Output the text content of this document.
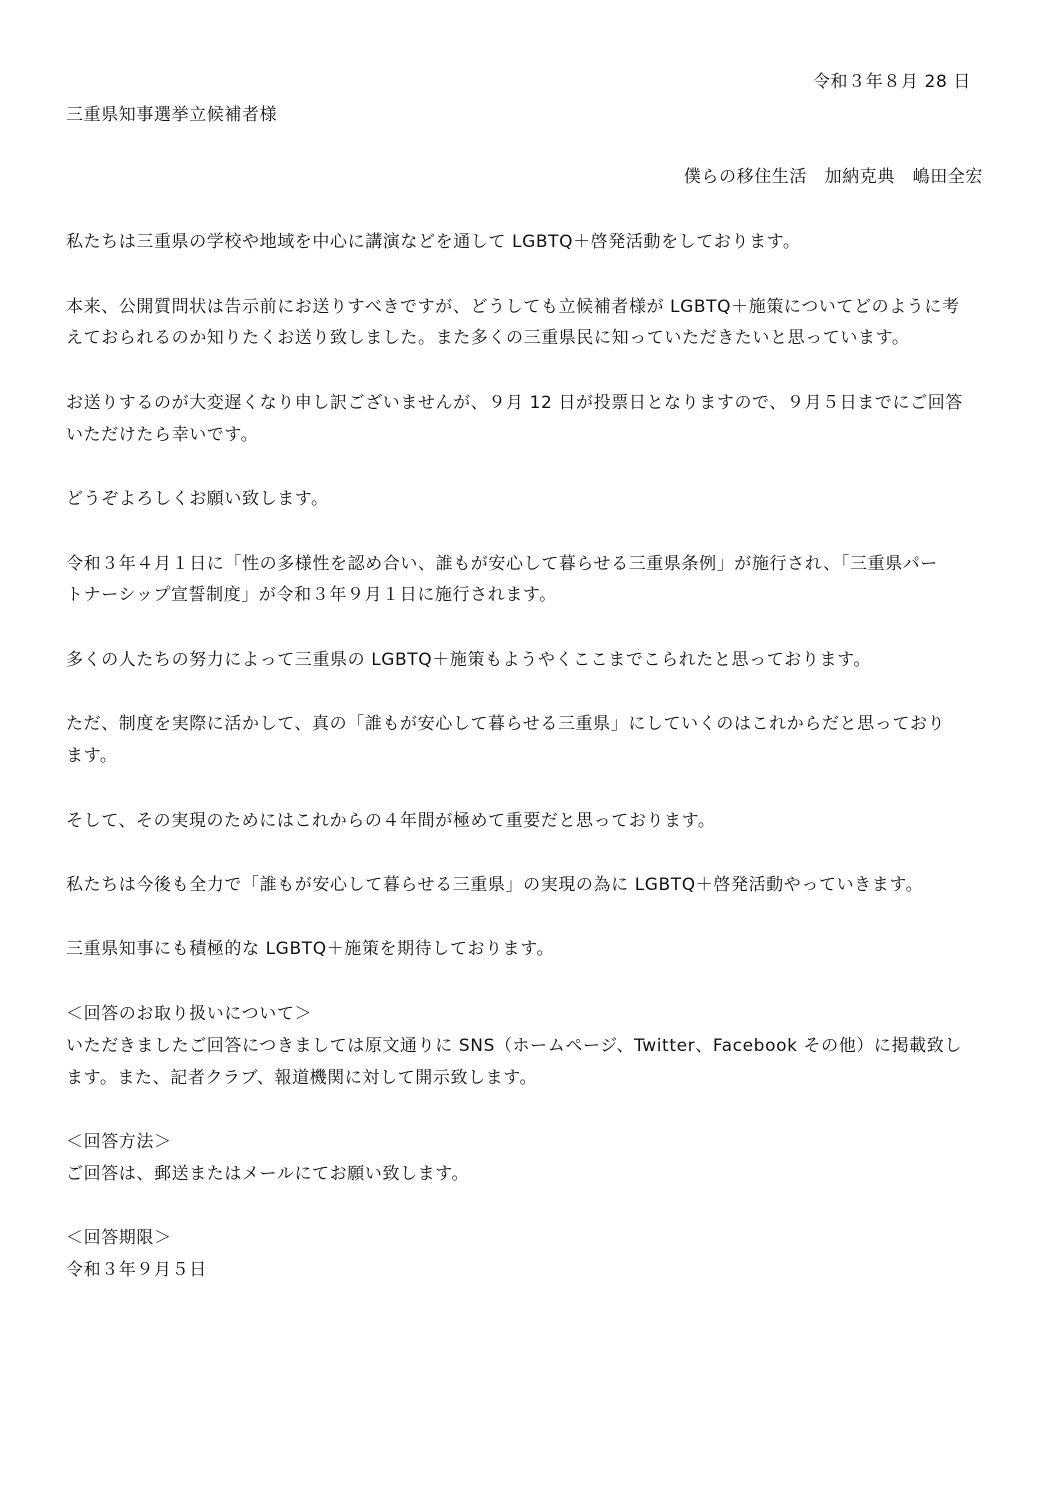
令和３年８月 28 日
三重県知事選挙立候補者様
僕らの移住生活　加納克典　嶋田全宏
私たちは三重県の学校や地域を中心に講演などを通して LGBTQ＋啓発活動をしております。
本来、公開質問状は告示前にお送りすべきですが、どうしても立候補者様が LGBTQ＋施策についてどのように考
えておられるのか知りたくお送り致しました。また多くの三重県民に知っていただきたいと思っています。
お送りするのが大変遅くなり申し訳ございませんが、９月 12 日が投票日となりますので、９月５日までにご回答
いただけたら幸いです。
どうぞよろしくお願い致します。
令和３年４月１日に「性の多様性を認め合い、誰もが安心して暮らせる三重県条例」が施行され、「三重県パー
トナーシップ宣誓制度」が令和３年９月１日に施行されます。
多くの人たちの努力によって三重県の LGBTQ＋施策もようやくここまでこられたと思っております。
ただ、制度を実際に活かして、真の「誰もが安心して暮らせる三重県」にしていくのはこれからだと思っており
ます。
そして、その実現のためにはこれからの４年間が極めて重要だと思っております。
私たちは今後も全力で「誰もが安心して暮らせる三重県」の実現の為に LGBTQ＋啓発活動やっていきます。
三重県知事にも積極的な LGBTQ＋施策を期待しております。
＜回答のお取り扱いについて＞
いただきましたご回答につきましては原文通りに SNS（ホームページ、Twitter、Facebook その他）に掲載致し
ます。また、記者クラブ、報道機関に対して開示致します。
＜回答方法＞
ご回答は、郵送またはメールにてお願い致します。
＜回答期限＞
令和３年９月５日
